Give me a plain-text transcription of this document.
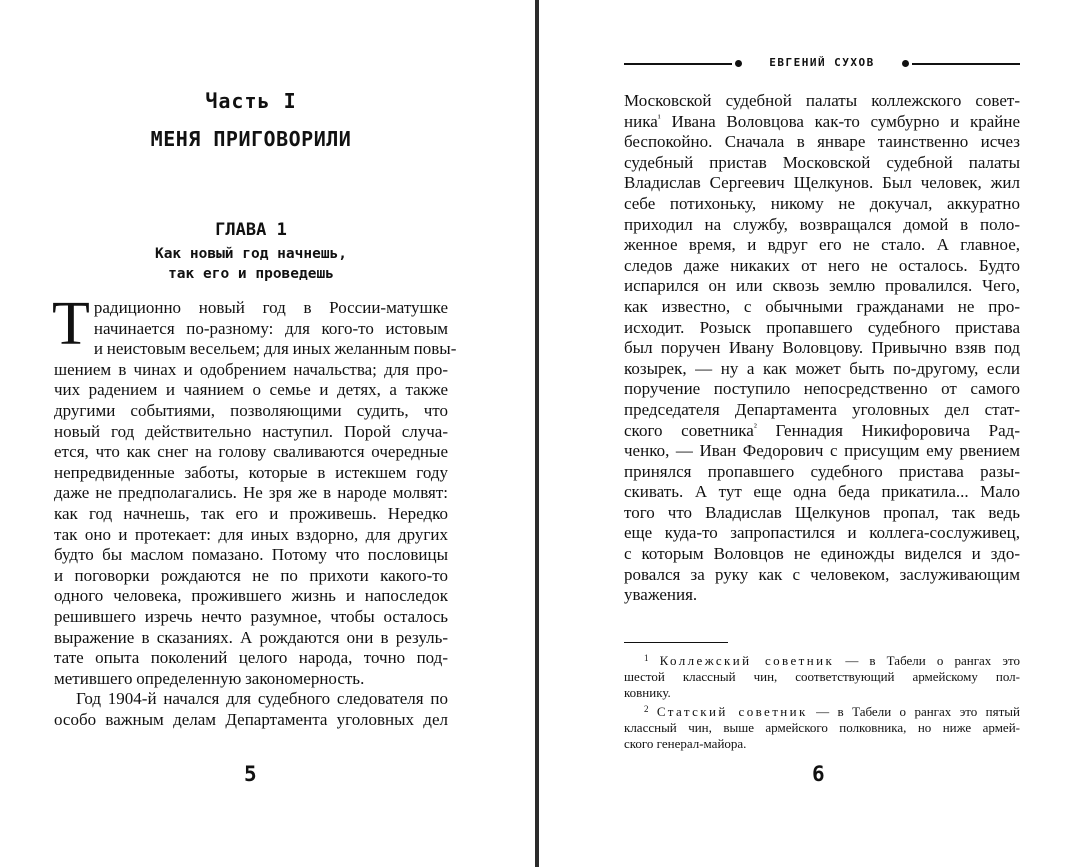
Часть I
МЕНЯ ПРИГОВОРИЛИ
ГЛАВА 1
Как новый год начнешь,
так его и проведешь
Т радиционно новый год в России-матушке
начинается по-разному: для кого-то истовым
и неистовым весельем; для иных желанным повы-
шением в чинах и одобрением начальства; для про-
чих радением и чаянием о семье и детях, а также
другими событиями, позволяющими судить, что
новый год действительно наступил. Порой случа-
ется, что как снег на голову сваливаются очередные
непредвиденные заботы, которые в истекшем году
даже не предполагались. Не зря же в народе молвят:
как год начнешь, так его и проживешь. Нередко
так оно и протекает: для иных вздорно, для других
будто бы маслом помазано. Потому что пословицы
и поговорки рождаются не по прихоти какого-то
одного человека, прожившего жизнь и напоследок
решившего изречь нечто разумное, чтобы осталось
выражение в сказаниях. А рождаются они в резуль-
тате опыта поколений целого народа, точно под-
метившего определенную закономерность.
Год 1904-й начался для судебного следователя по
особо важным делам Департамента уголовных дел
5
ЕВГЕНИЙ СУХОВ
Московской судебной палаты коллежского совет-
ника$^{^1}$ Ивана Воловцова как-то сумбурно и крайне
беспокойно. Сначала в январе таинственно исчез
судебный пристав Московской судебной палаты
Владислав Сергеевич Щелкунов. Был человек, жил
себе потихоньку, никому не докучал, аккуратно
приходил на службу, возвращался домой в поло-
женное время, и вдруг его не стало. А главное,
следов даже никаких от него не осталось. Будто
испарился он или сквозь землю провалился. Чего,
как известно, с обычными гражданами не про-
исходит. Розыск пропавшего судебного пристава
был поручен Ивану Воловцову. Привычно взяв под
козырек, — ну а как может быть по-другому, если
поручение поступило непосредственно от самого
председателя Департамента уголовных дел стат-
ского советника$^{^2}$ Геннадия Никифоровича Рад-
ченко, — Иван Федорович с присущим ему рвением
принялся пропавшего судебного пристава разы-
скивать. А тут еще одна беда прикатила... Мало
того что Владислав Щелкунов пропал, так ведь
еще куда-то запропастился и коллега-сослуживец,
с которым Воловцов не единожды виделся и здо-
ровался за руку как с человеком, заслуживающим
уважения.
$^1$ Коллежский советник — в Табели о рангах это
шестой классный чин, соответствующий армейскому пол-
ковнику.
$^2$ Статский советник — в Табели о рангах это пятый
классный чин, выше армейского полковника, но ниже армей-
ского генерал-майора.
6
